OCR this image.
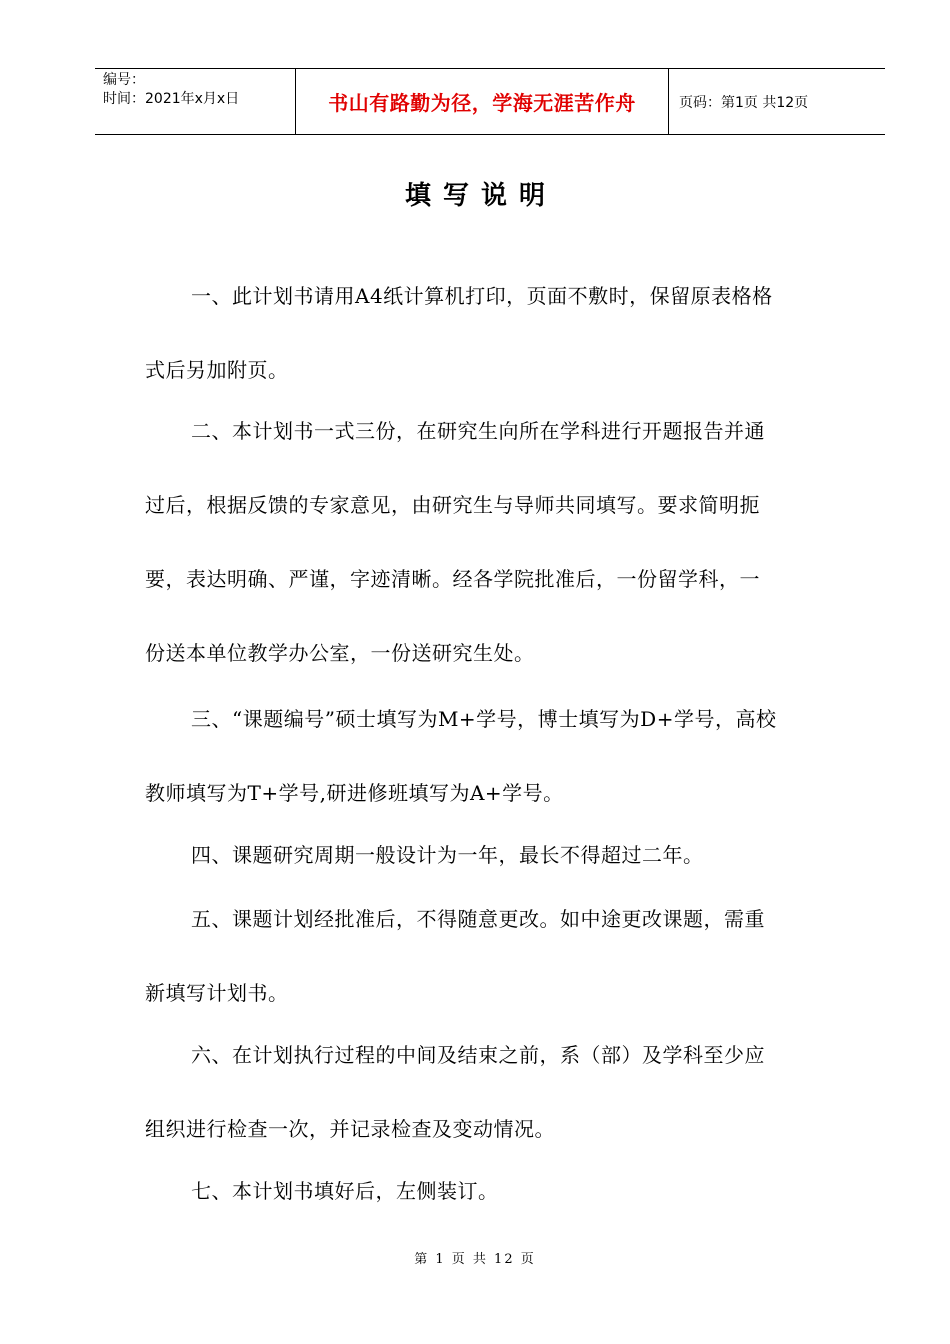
编号：
时间：2021年x月x日	书山有路勤为径，学海无涯苦作舟	页码：第1页 共12页
填写说明
一、此计划书请用A4纸计算机打印，页面不敷时，保留原表格格
式后另加附页。
二、本计划书一式三份，在研究生向所在学科进行开题报告并通
过后，根据反馈的专家意见，由研究生与导师共同填写。要求简明扼
要，表达明确、严谨，字迹清晰。经各学院批准后，一份留学科，一
份送本单位教学办公室，一份送研究生处。
三、“课题编号”硕士填写为M+学号，博士填写为D+学号，高校
教师填写为T+学号,研进修班填写为A+学号。
四、课题研究周期一般设计为一年，最长不得超过二年。
五、课题计划经批准后，不得随意更改。如中途更改课题，需重
新填写计划书。
六、在计划执行过程的中间及结束之前，系（部）及学科至少应
组织进行检查一次，并记录检查及变动情况。
七、本计划书填好后，左侧装订。
第 1 页 共 12 页
